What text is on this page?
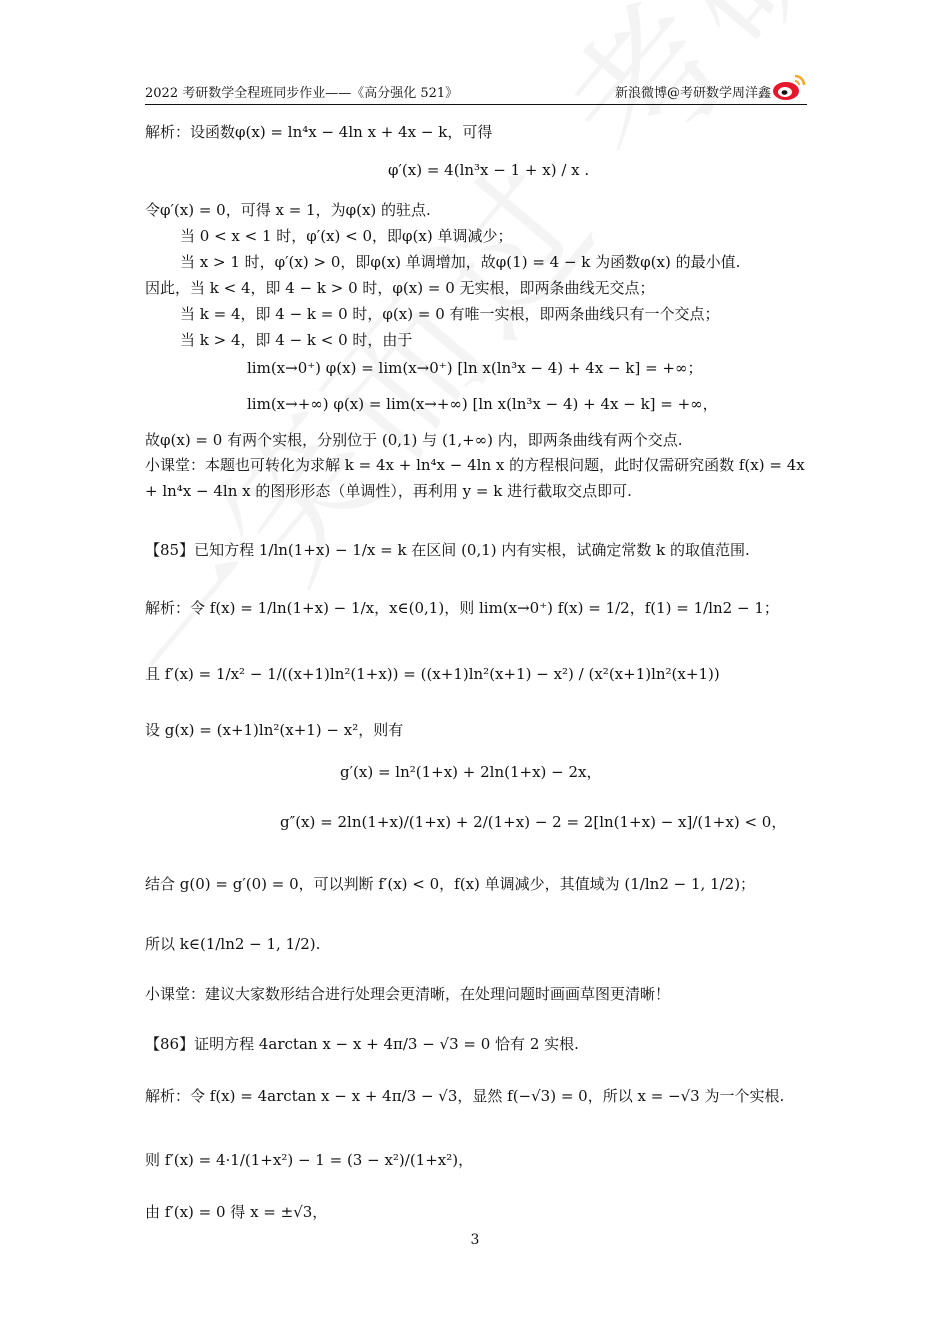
2022 考研数学全程班同步作业——《高分强化 521》	新浪微博@考研数学周洋鑫
解析：设函数φ(x) = ln⁴x − 4ln x + 4x − k，可得
φ′(x) = 4(ln³x − 1 + x) / x .
令φ′(x) = 0，可得 x = 1，为φ(x) 的驻点.
当 0 < x < 1 时，φ′(x) < 0，即φ(x) 单调减少；
当 x > 1 时，φ′(x) > 0，即φ(x) 单调增加，故φ(1) = 4 − k 为函数φ(x) 的最小值.
因此，当 k < 4，即 4 − k > 0 时，φ(x) = 0 无实根，即两条曲线无交点；
当 k = 4，即 4 − k = 0 时，φ(x) = 0 有唯一实根，即两条曲线只有一个交点；
当 k > 4，即 4 − k < 0 时，由于
lim(x→0⁺) φ(x) = lim(x→0⁺) [ln x(ln³x − 4) + 4x − k] = +∞；
lim(x→+∞) φ(x) = lim(x→+∞) [ln x(ln³x − 4) + 4x − k] = +∞，
故φ(x) = 0 有两个实根，分别位于 (0,1) 与 (1,+∞) 内，即两条曲线有两个交点.
小课堂：本题也可转化为求解 k = 4x + ln⁴x − 4ln x 的方程根问题，此时仅需研究函数 f(x) = 4x + ln⁴x − 4ln x 的图形形态（单调性），再利用 y = k 进行截取交点即可.
【85】已知方程 1/ln(1+x) − 1/x = k 在区间 (0,1) 内有实根，试确定常数 k 的取值范围.
解析：令 f(x) = 1/ln(1+x) − 1/x，x∈(0,1)，则 lim(x→0⁺) f(x) = 1/2，f(1) = 1/ln2 − 1；
且 f′(x) = 1/x² − 1/((x+1)ln²(1+x)) = ((x+1)ln²(x+1) − x²) / (x²(x+1)ln²(x+1))
设 g(x) = (x+1)ln²(x+1) − x²，则有
g′(x) = ln²(1+x) + 2ln(1+x) − 2x，
g″(x) = 2ln(1+x)/(1+x) + 2/(1+x) − 2 = 2[ln(1+x) − x]/(1+x) < 0，
结合 g(0) = g′(0) = 0，可以判断 f′(x) < 0，f(x) 单调减少，其值域为 (1/ln2 − 1, 1/2)；
所以 k∈(1/ln2 − 1, 1/2).
小课堂：建议大家数形结合进行处理会更清晰，在处理问题时画画草图更清晰！
【86】证明方程 4arctan x − x + 4π/3 − √3 = 0 恰有 2 实根.
解析：令 f(x) = 4arctan x − x + 4π/3 − √3，显然 f(−√3) = 0，所以 x = −√3 为一个实根.
则 f′(x) = 4·1/(1+x²) − 1 = (3 − x²)/(1+x²)，
由 f′(x) = 0 得 x = ±√3，
3
